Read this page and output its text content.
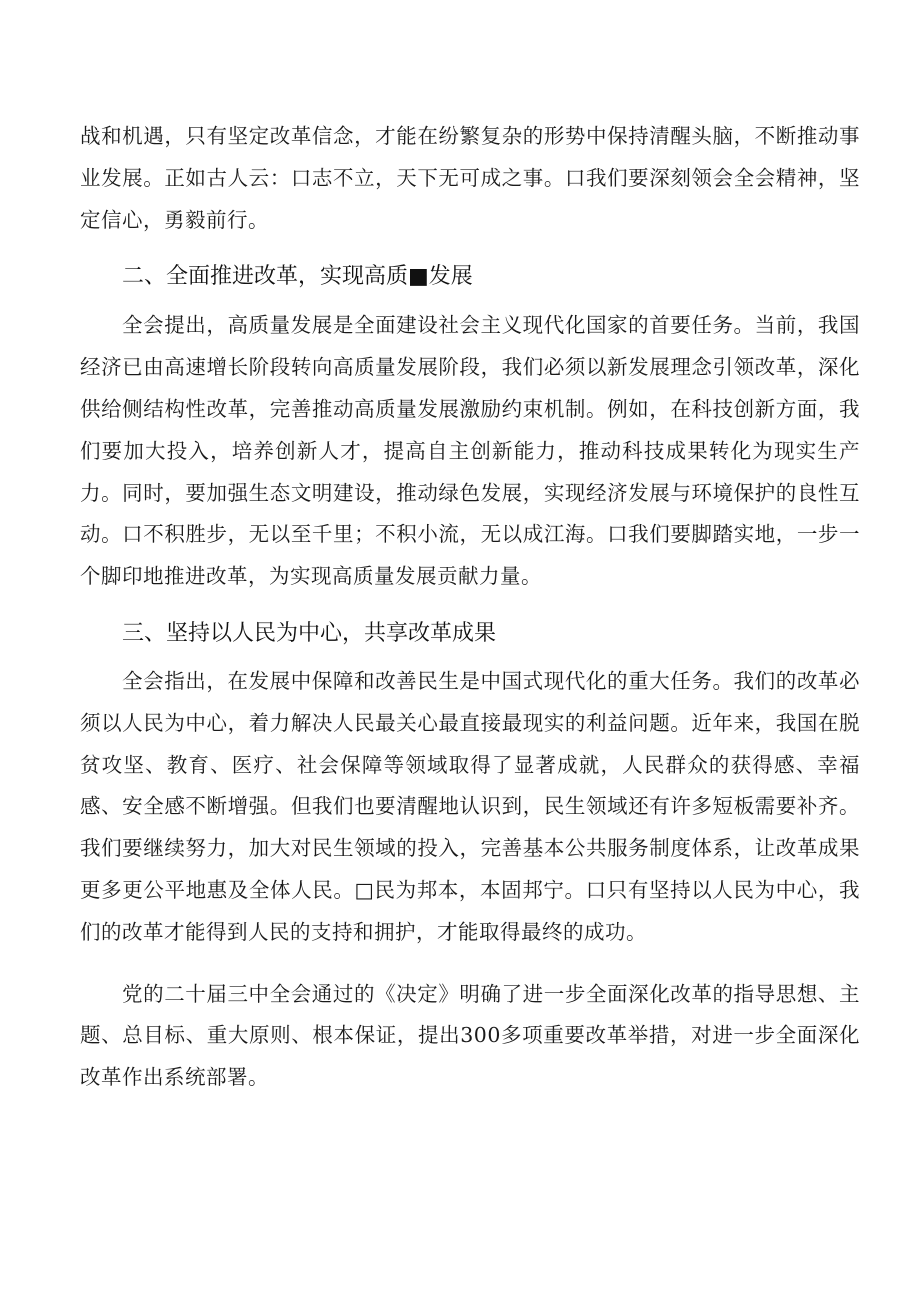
战和机遇，只有坚定改革信念，才能在纷繁复杂的形势中保持清醒头脑，不断推动事业发展。正如古人云：口志不立，天下无可成之事。口我们要深刻领会全会精神，坚定信心，勇毅前行。

二、全面推进改革，实现高质■发展

全会提出，高质量发展是全面建设社会主义现代化国家的首要任务。当前，我国经济已由高速增长阶段转向高质量发展阶段，我们必须以新发展理念引领改革，深化供给侧结构性改革，完善推动高质量发展激励约束机制。例如，在科技创新方面，我们要加大投入，培养创新人才，提高自主创新能力，推动科技成果转化为现实生产力。同时，要加强生态文明建设，推动绿色发展，实现经济发展与环境保护的良性互动。口不积胜步，无以至千里；不积小流，无以成江海。口我们要脚踏实地，一步一个脚印地推进改革，为实现高质量发展贡献力量。

三、坚持以人民为中心，共享改革成果

全会指出，在发展中保障和改善民生是中国式现代化的重大任务。我们的改革必须以人民为中心，着力解决人民最关心最直接最现实的利益问题。近年来，我国在脱贫攻坚、教育、医疗、社会保障等领域取得了显著成就，人民群众的获得感、幸福感、安全感不断增强。但我们也要清醒地认识到，民生领域还有许多短板需要补齐。我们要继续努力，加大对民生领域的投入，完善基本公共服务制度体系，让改革成果更多更公平地惠及全体人民。□民为邦本，本固邦宁。口只有坚持以人民为中心，我们的改革才能得到人民的支持和拥护，才能取得最终的成功。

党的二十届三中全会通过的《决定》明确了进一步全面深化改革的指导思想、主题、总目标、重大原则、根本保证，提出300多项重要改革举措，对进一步全面深化改革作出系统部署。
